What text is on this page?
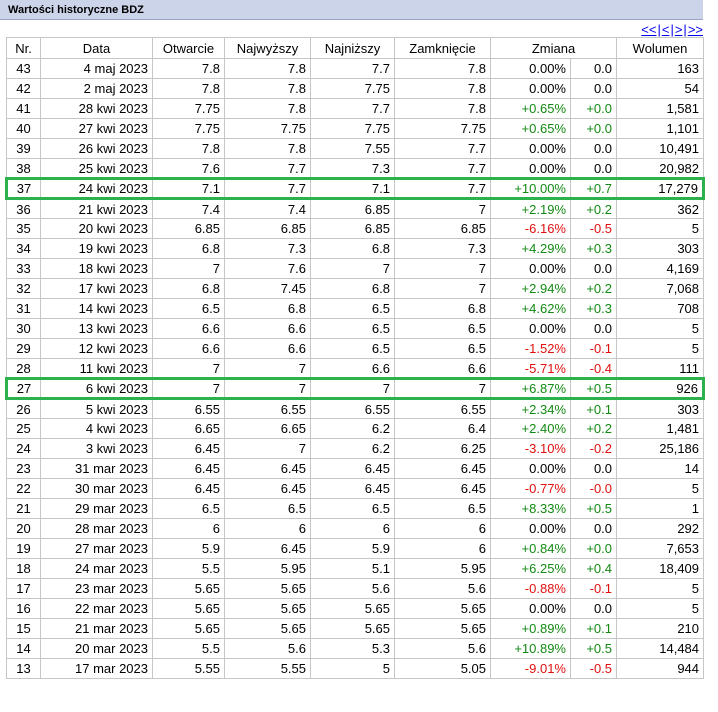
Wartości historyczne BDZ
<<|<|>|>>
Nr.	Data	Otwarcie	Najwyższy	Najniższy	Zamknięcie	Zmiana		Wolumen
43	4 maj 2023	7.8	7.8	7.7	7.8	0.00%	0.0	163
42	2 maj 2023	7.8	7.8	7.75	7.8	0.00%	0.0	54
41	28 kwi 2023	7.75	7.8	7.7	7.8	+0.65%	+0.0	1,581
40	27 kwi 2023	7.75	7.75	7.75	7.75	+0.65%	+0.0	1,101
39	26 kwi 2023	7.8	7.8	7.55	7.7	0.00%	0.0	10,491
38	25 kwi 2023	7.6	7.7	7.3	7.7	0.00%	0.0	20,982
37	24 kwi 2023	7.1	7.7	7.1	7.7	+10.00%	+0.7	17,279
36	21 kwi 2023	7.4	7.4	6.85	7	+2.19%	+0.2	362
35	20 kwi 2023	6.85	6.85	6.85	6.85	-6.16%	-0.5	5
34	19 kwi 2023	6.8	7.3	6.8	7.3	+4.29%	+0.3	303
33	18 kwi 2023	7	7.6	7	7	0.00%	0.0	4,169
32	17 kwi 2023	6.8	7.45	6.8	7	+2.94%	+0.2	7,068
31	14 kwi 2023	6.5	6.8	6.5	6.8	+4.62%	+0.3	708
30	13 kwi 2023	6.6	6.6	6.5	6.5	0.00%	0.0	5
29	12 kwi 2023	6.6	6.6	6.5	6.5	-1.52%	-0.1	5
28	11 kwi 2023	7	7	6.6	6.6	-5.71%	-0.4	111
27	6 kwi 2023	7	7	7	7	+6.87%	+0.5	926
26	5 kwi 2023	6.55	6.55	6.55	6.55	+2.34%	+0.1	303
25	4 kwi 2023	6.65	6.65	6.2	6.4	+2.40%	+0.2	1,481
24	3 kwi 2023	6.45	7	6.2	6.25	-3.10%	-0.2	25,186
23	31 mar 2023	6.45	6.45	6.45	6.45	0.00%	0.0	14
22	30 mar 2023	6.45	6.45	6.45	6.45	-0.77%	-0.0	5
21	29 mar 2023	6.5	6.5	6.5	6.5	+8.33%	+0.5	1
20	28 mar 2023	6	6	6	6	0.00%	0.0	292
19	27 mar 2023	5.9	6.45	5.9	6	+0.84%	+0.0	7,653
18	24 mar 2023	5.5	5.95	5.1	5.95	+6.25%	+0.4	18,409
17	23 mar 2023	5.65	5.65	5.6	5.6	-0.88%	-0.1	5
16	22 mar 2023	5.65	5.65	5.65	5.65	0.00%	0.0	5
15	21 mar 2023	5.65	5.65	5.65	5.65	+0.89%	+0.1	210
14	20 mar 2023	5.5	5.6	5.3	5.6	+10.89%	+0.5	14,484
13	17 mar 2023	5.55	5.55	5	5.05	-9.01%	-0.5	944
